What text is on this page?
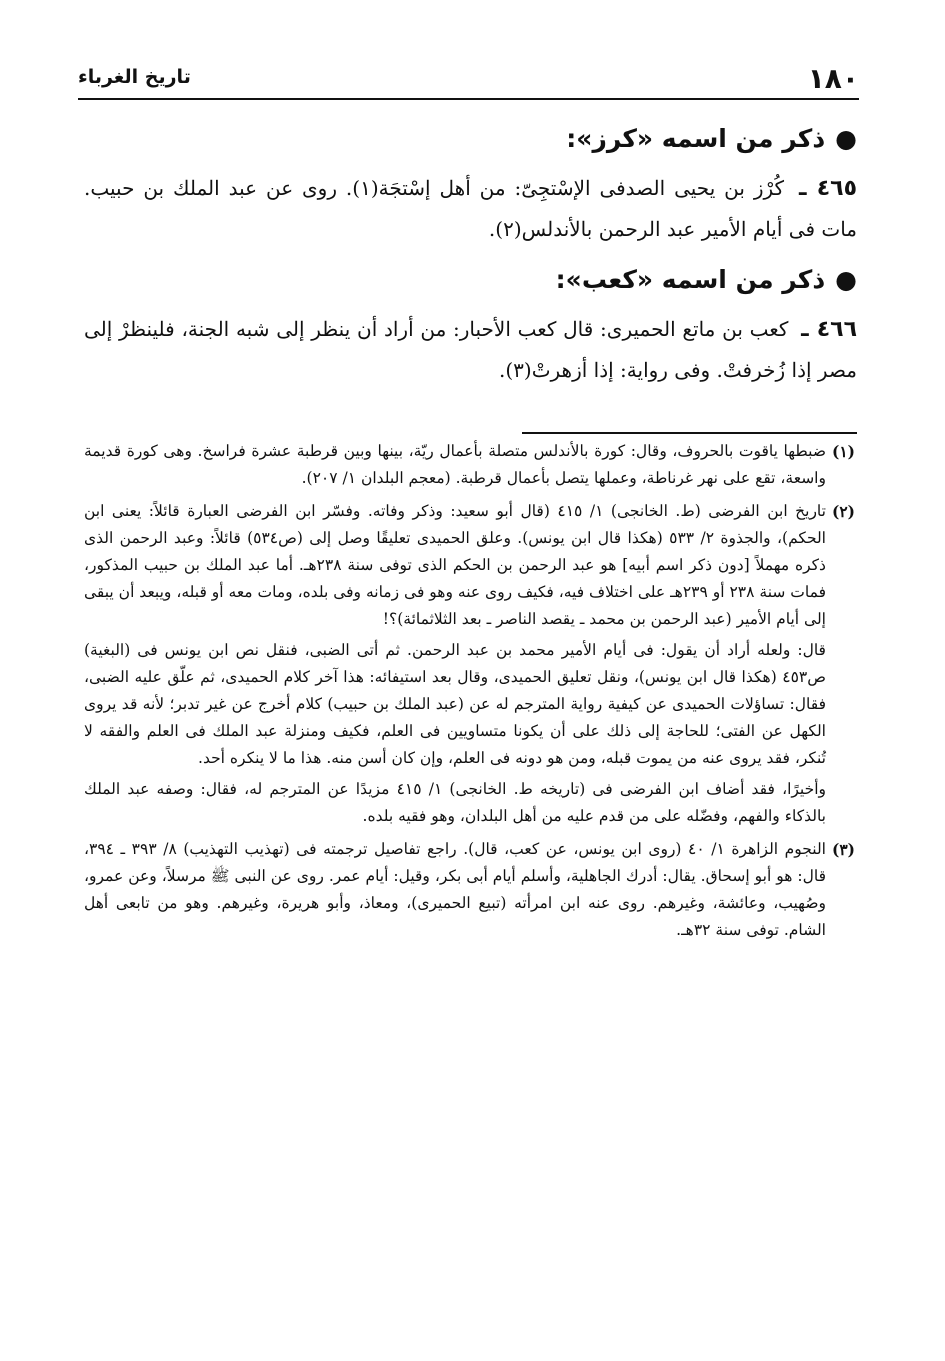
١٨٠
تاريخ الغرباء
●ذكر من اسمه «كرز»:

٤٦٥ ـ كُرْز بن يحيى الصدفى الإسْتجِىّ: من أهل إسْتجَة(١). روى عن عبد الملك بن حبيب. مات فى أيام الأمير عبد الرحمن بالأندلس(٢).

●ذكر من اسمه «كعب»:

٤٦٦ ـ كعب بن ماتع الحميرى: قال كعب الأحبار: من أراد أن ينظر إلى شبه الجنة، فلينظرْ إلى مصر إذا زُخرفتْ. وفى رواية: إذا أزهرتْ(٣).

(١)

ضبطها ياقوت بالحروف، وقال: كورة بالأندلس متصلة بأعمال ريّة، بينها وبين قرطبة عشرة فراسخ. وهى كورة قديمة واسعة، تقع على نهر غرناطة، وعملها يتصل بأعمال قرطبة. (معجم البلدان ١/ ٢٠٧).

(٢)

تاريخ ابن الفرضى (ط. الخانجى) ١/ ٤١٥ (قال أبو سعيد: وذكر وفاته. وفسّر ابن الفرضى العبارة قائلاً: يعنى ابن الحكم)، والجذوة ٢/ ٥٣٣ (هكذا قال ابن يونس). وعلق الحميدى تعليقًا وصل إلى (ص٥٣٤) قائلاً: وعبد الرحمن الذى ذكره مهملاً [دون ذكر اسم أبيه] هو عبد الرحمن بن الحكم الذى توفى سنة ٢٣٨هـ. أما عبد الملك بن حبيب المذكور، فمات سنة ٢٣٨ أو ٢٣٩هـ على اختلاف فيه، فكيف روى عنه وهو فى زمانه وفى بلده، ومات معه أو قبله، ويبعد أن يبقى إلى أيام الأمير (عبد الرحمن بن محمد ـ يقصد الناصر ـ بعد الثلاثمائة)؟!

قال: ولعله أراد أن يقول: فى أيام الأمير محمد بن عبد الرحمن. ثم أتى الضبى، فنقل نص ابن يونس فى (البغية) ص٤٥٣ (هكذا قال ابن يونس)، ونقل تعليق الحميدى، وقال بعد استيفائه: هذا آخر كلام الحميدى، ثم علّق عليه الضبى، فقال: تساؤلات الحميدى عن كيفية رواية المترجم له عن (عبد الملك بن حبيب) كلام أخرج عن غير تدبر؛ لأنه قد يروى الكهل عن الفتى؛ للحاجة إلى ذلك على أن يكونا متساويين فى العلم، فكيف ومنزلة عبد الملك فى العلم والفقه لا تُنكر، فقد يروى عنه من يموت قبله، ومن هو دونه فى العلم، وإن كان أسن منه. هذا ما لا ينكره أحد.

وأخيرًا، فقد أضاف ابن الفرضى فى (تاريخه ط. الخانجى) ١/ ٤١٥ مزيدًا عن المترجم له، فقال: وصفه عبد الملك بالذكاء والفهم، وفضّله على من قدم عليه من أهل البلدان، وهو فقيه بلده.

(٣)

النجوم الزاهرة ١/ ٤٠ (روى ابن يونس، عن كعب، قال). راجع تفاصيل ترجمته فى (تهذيب التهذيب) ٨/ ٣٩٣ ـ ٣٩٤، قال: هو أبو إسحاق. يقال: أدرك الجاهلية، وأسلم أيام أبى بكر، وقيل: أيام عمر. روى عن النبى ﷺ مرسلاً، وعن عمرو، وصُهيب، وعائشة، وغيرهم. روى عنه ابن امرأته (تبيع الحميرى)، ومعاذ، وأبو هريرة، وغيرهم. وهو من تابعى أهل الشام. توفى سنة ٣٢هـ.
